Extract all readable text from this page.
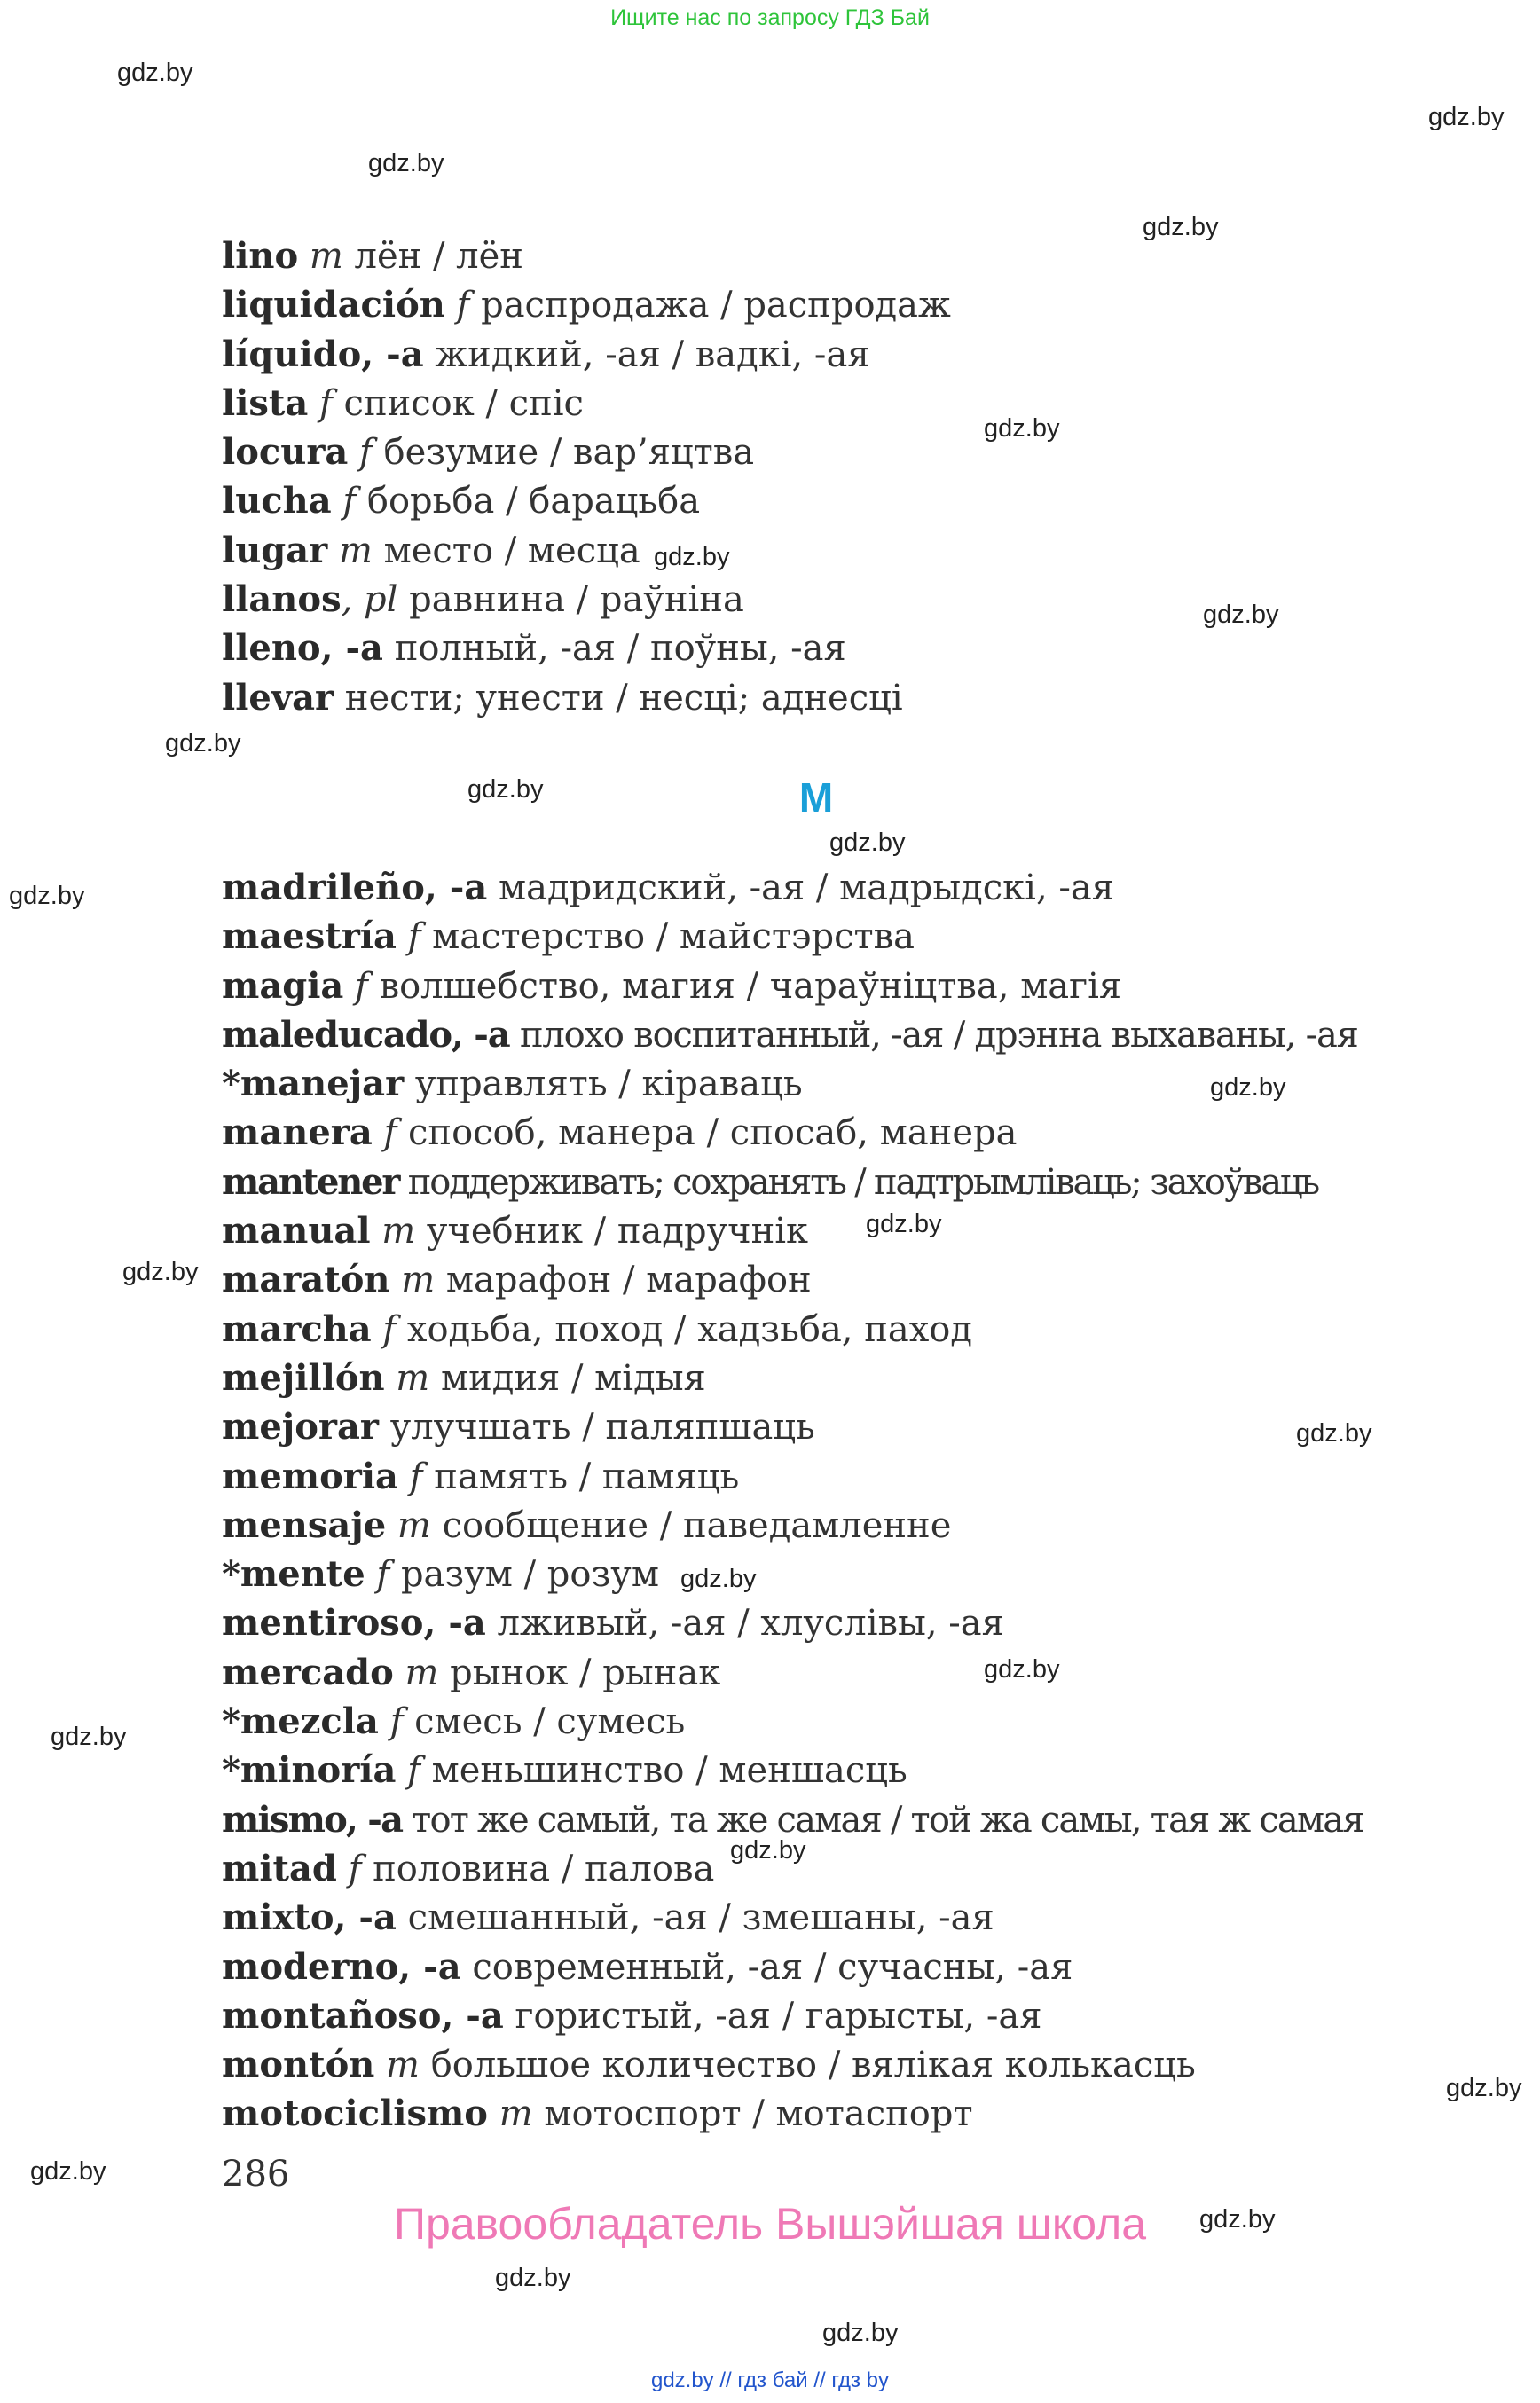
Ищите нас по запросу ГДЗ Бай
gdz.by
gdz.by
gdz.by
gdz.by
gdz.by
gdz.by
gdz.by
gdz.by
gdz.by
gdz.by
gdz.by
gdz.by
gdz.by
gdz.by
gdz.by
gdz.by
gdz.by
gdz.by
gdz.by
gdz.by
gdz.by
gdz.by
gdz.by
gdz.by
lino m лён / лён
liquidación f распродажа / распродаж
líquido, -a жидкий, -ая / вадкі, -ая
lista f список / спіс
locura f безумие / вар’яцтва
lucha f борьба / барацьба
lugar m место / месца
llanos, pl равнина / раўніна
lleno, -a полный, -ая / поўны, -ая
llevar нести; унести / несці; аднесці
M
madrileño, -a мадридский, -ая / мадрыдскі, -ая
maestría f мастерство / майстэрства
magia f волшебство, магия / чараўніцтва, магія
maleducado, -a плохо воспитанный, -ая / дрэнна выхаваны, -ая
*manejar управлять / кіраваць
manera f способ, манера / спосаб, манера
mantener поддерживать; сохранять / падтрымліваць; захоўваць
manual m учебник / падручнік
maratón m марафон / марафон
marcha f ходьба, поход / хадзьба, паход
mejillón m мидия / мідыя
mejorar улучшать / паляпшаць
memoria f память / памяць
mensaje m сообщение / паведамленне
*mente f разум / розум
mentiroso, -a лживый, -ая / хлуслівы, -ая
mercado m рынок / рынак
*mezcla f смесь / сумесь
*minoría f меньшинство / меншасць
mismo, -a тот же самый, та же самая / той жа самы, тая ж самая
mitad f половина / палова
mixto, -a смешанный, -ая / змешаны, -ая
moderno, -a современный, -ая / сучасны, -ая
montañoso, -a гористый, -ая / гарысты, -ая
montón m большое количество / вялікая колькасць
motociclismo m мотоспорт / мотаспорт
286
Правообладатель Вышэйшая школа
gdz.by // гдз бай // гдз by
